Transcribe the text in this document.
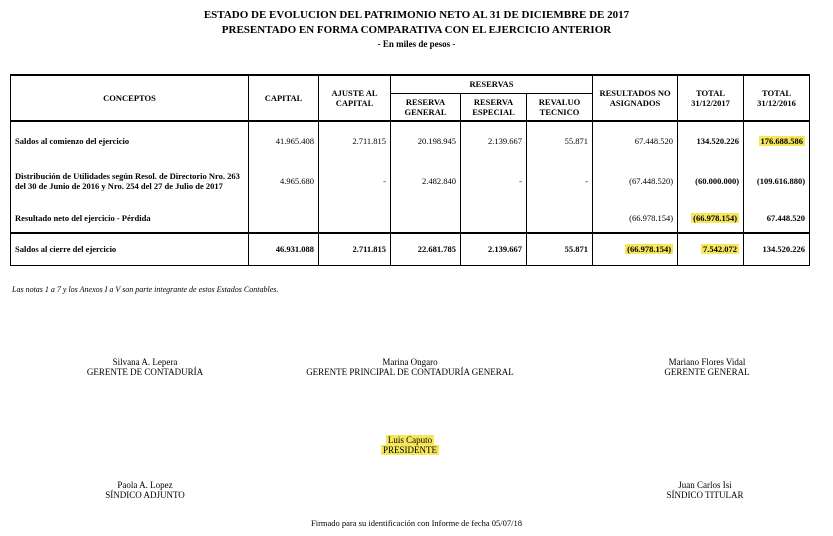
ESTADO DE EVOLUCION DEL PATRIMONIO NETO AL 31 DE DICIEMBRE DE 2017
PRESENTADO EN FORMA COMPARATIVA CON EL EJERCICIO ANTERIOR
- En miles de pesos -
CONCEPTOS	CAPITAL	AJUSTE AL CAPITAL	RESERVAS			RESULTADOS NO ASIGNADOS	TOTAL 31/12/2017	TOTAL 31/12/2016
			RESERVA GENERAL	RESERVA ESPECIAL	REVALUO TECNICO			
Saldos al comienzo del ejercicio	41.965.408	2.711.815	20.198.945	2.139.667	55.871	67.448.520	134.520.226	176.688.586
Distribución de Utilidades según Resol. de Directorio Nro. 263 del 30 de Junio de 2016 y Nro. 254 del 27 de Julio de 2017	4.965.680	-	2.482.840	-	-	(67.448.520)	(60.000.000)	(109.616.880)
Resultado neto del ejercicio - Pérdida						(66.978.154)	(66.978.154)	67.448.520
Saldos al cierre del ejercicio	46.931.088	2.711.815	22.681.785	2.139.667	55.871	(66.978.154)	7.542.072	134.520.226
Las notas 1 a 7 y los Anexos I a V son parte integrante de estos Estados Contables.
Silvana A. Lepera
GERENTE DE CONTADURÍA
Marina Ongaro
GERENTE PRINCIPAL DE CONTADURÍA GENERAL
Mariano Flores Vidal
GERENTE GENERAL
Luis Caputo
PRESIDENTE
Paola A. Lopez
SÍNDICO ADJUNTO
Juan Carlos Isi
SÍNDICO TITULAR
Firmado para su identificación con Informe de fecha 05/07/18
